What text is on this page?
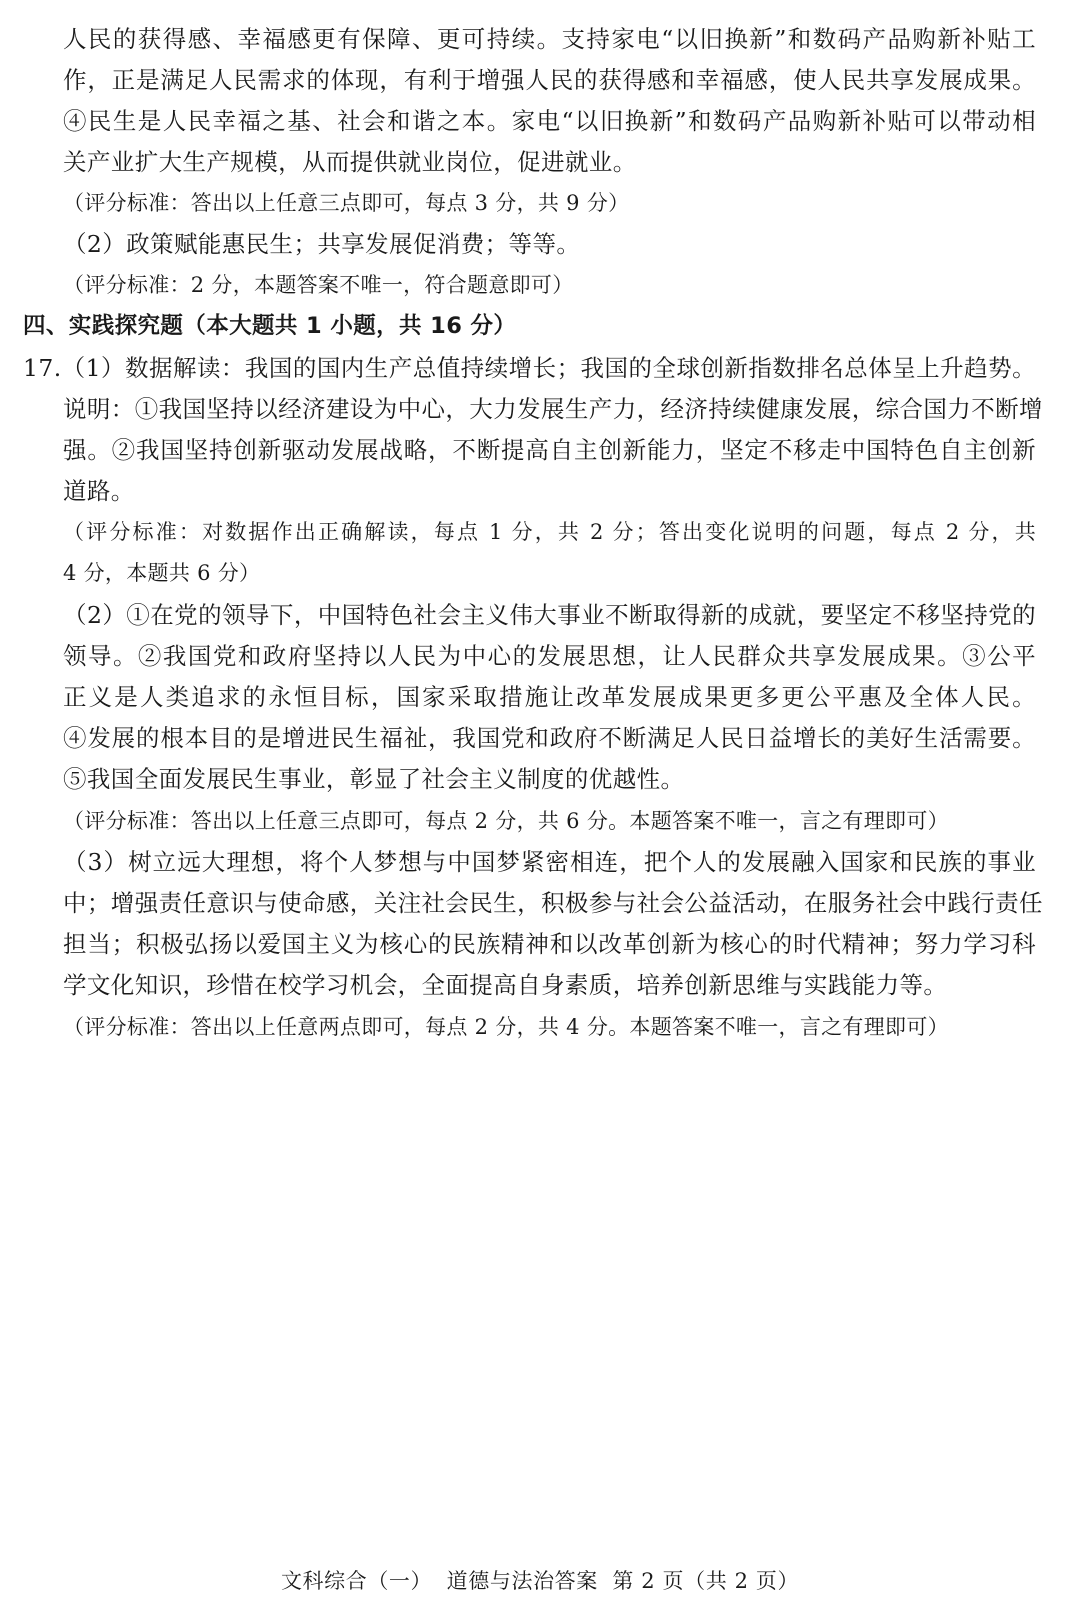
人民的获得感、幸福感更有保障、更可持续。支持家电“以旧换新”和数码产品购新补贴工
作，正是满足人民需求的体现，有利于增强人民的获得感和幸福感，使人民共享发展成果。
④民生是人民幸福之基、社会和谐之本。家电“以旧换新”和数码产品购新补贴可以带动相
关产业扩大生产规模，从而提供就业岗位，促进就业。
（评分标准：答出以上任意三点即可，每点 3 分，共 9 分）
（2）政策赋能惠民生；共享发展促消费；等等。
（评分标准：2 分，本题答案不唯一，符合题意即可）
四、实践探究题（本大题共 1 小题，共 16 分）
17.（1）数据解读：我国的国内生产总值持续增长；我国的全球创新指数排名总体呈上升趋势。
说明：①我国坚持以经济建设为中心，大力发展生产力，经济持续健康发展，综合国力不断增
强。②我国坚持创新驱动发展战略，不断提高自主创新能力，坚定不移走中国特色自主创新
道路。
（评分标准：对数据作出正确解读，每点 1 分，共 2 分；答出变化说明的问题，每点 2 分，共
4 分，本题共 6 分）
（2）①在党的领导下，中国特色社会主义伟大事业不断取得新的成就，要坚定不移坚持党的
领导。②我国党和政府坚持以人民为中心的发展思想，让人民群众共享发展成果。③公平
正义是人类追求的永恒目标，国家采取措施让改革发展成果更多更公平惠及全体人民。
④发展的根本目的是增进民生福祉，我国党和政府不断满足人民日益增长的美好生活需要。
⑤我国全面发展民生事业，彰显了社会主义制度的优越性。
（评分标准：答出以上任意三点即可，每点 2 分，共 6 分。本题答案不唯一，言之有理即可）
（3）树立远大理想，将个人梦想与中国梦紧密相连，把个人的发展融入国家和民族的事业
中；增强责任意识与使命感，关注社会民生，积极参与社会公益活动，在服务社会中践行责任
担当；积极弘扬以爱国主义为核心的民族精神和以改革创新为核心的时代精神；努力学习科
学文化知识，珍惜在校学习机会，全面提高自身素质，培养创新思维与实践能力等。
（评分标准：答出以上任意两点即可，每点 2 分，共 4 分。本题答案不唯一，言之有理即可）
文科综合（一）  道德与法治答案  第 2 页（共 2 页）
